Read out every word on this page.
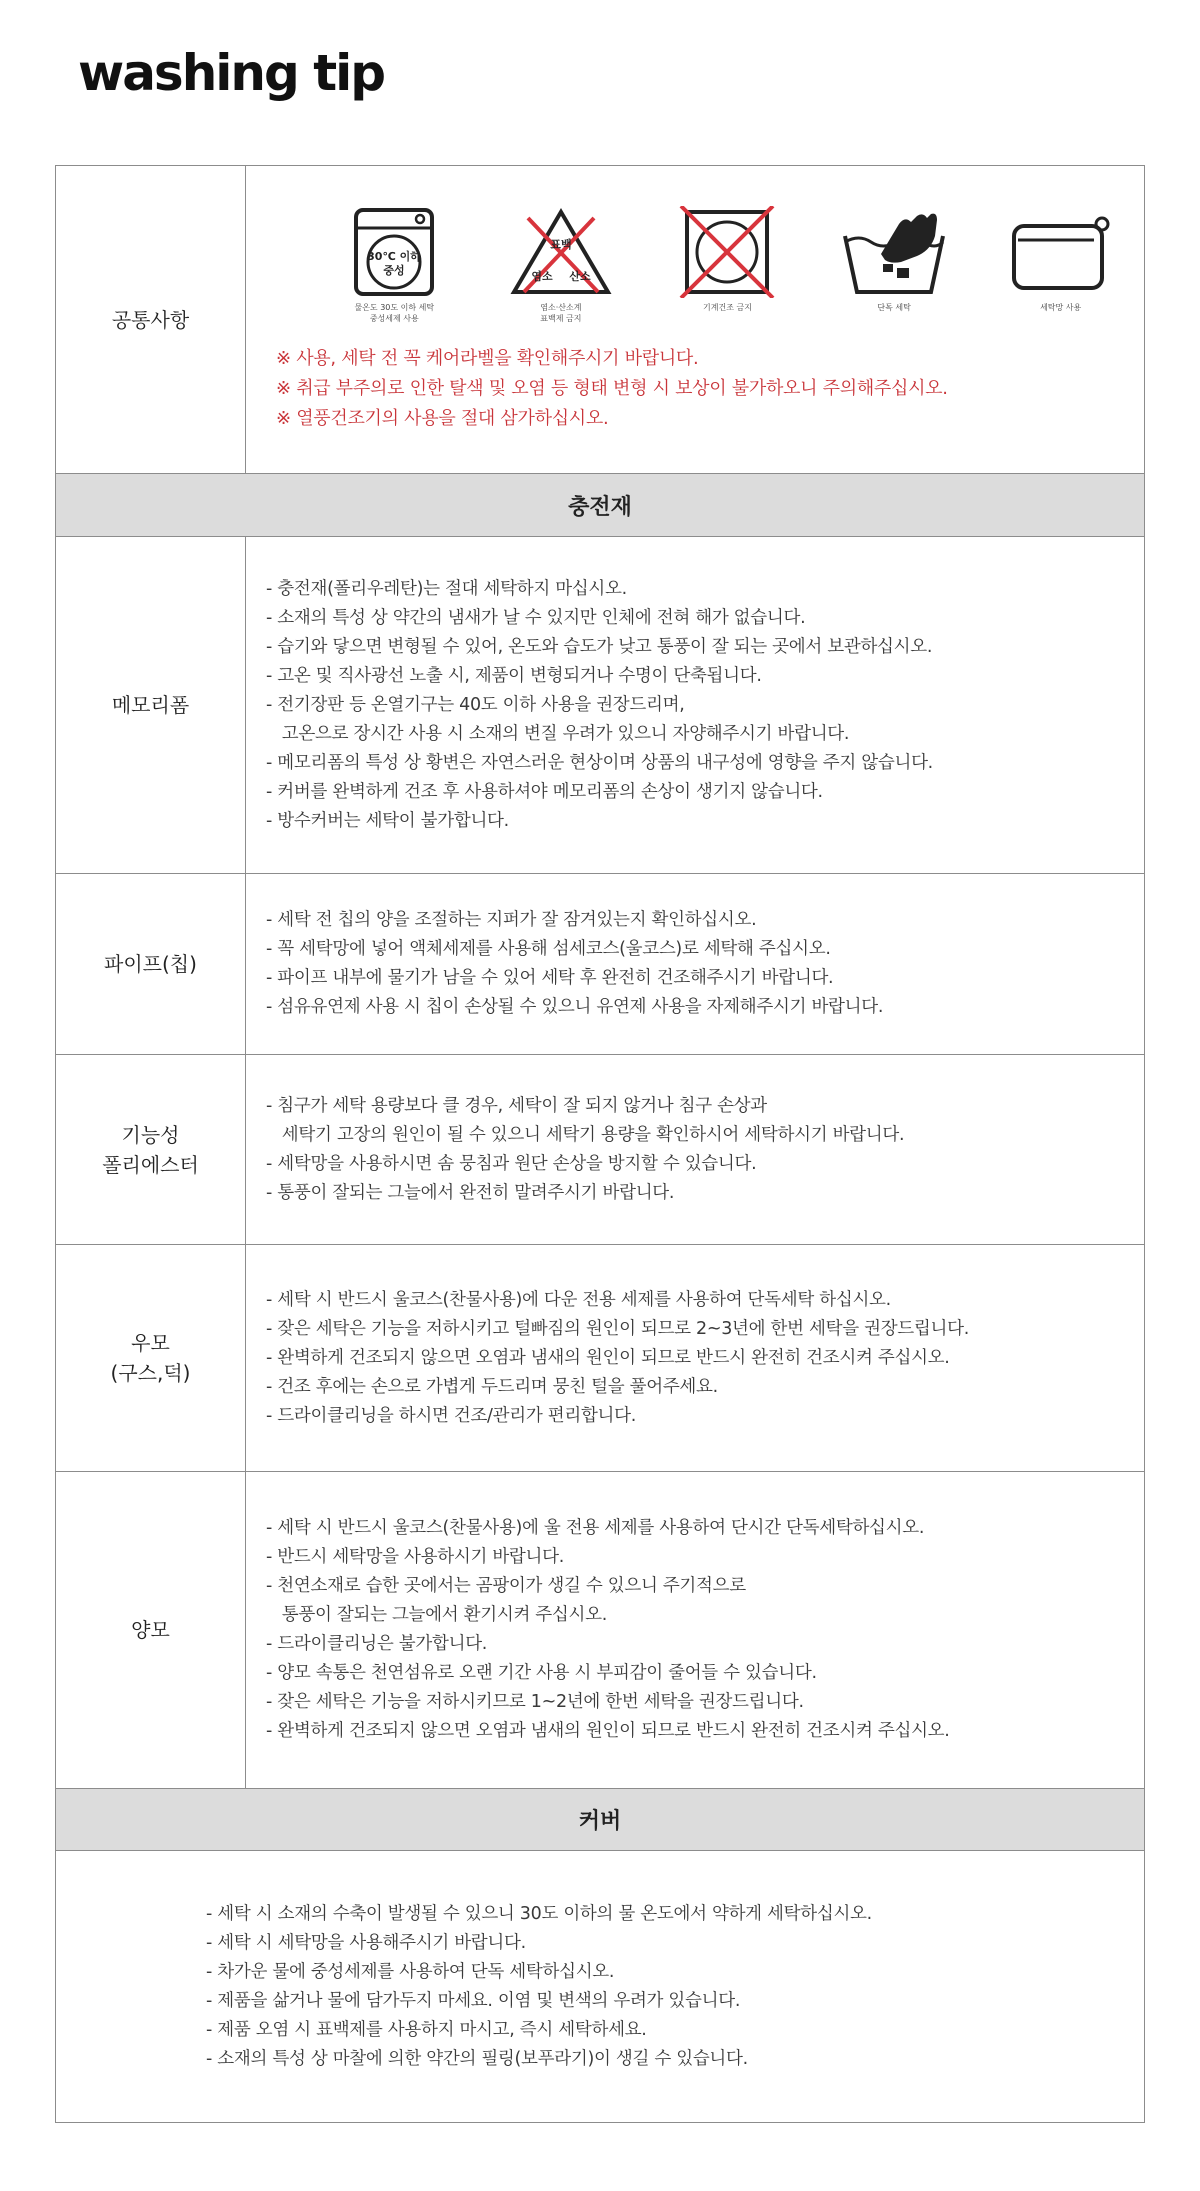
washing tip
공통사항
30℃ 이하
중성
물온도 30도 이하 세탁
중성세제 사용
표백
염소 산소
염소·산소계
표백제 금지
기계건조 금지	단독 세탁	세탁망 사용
※ 사용, 세탁 전 꼭 케어라벨을 확인해주시기 바랍니다.
※ 취급 부주의로 인한 탈색 및 오염 등 형태 변형 시 보상이 불가하오니 주의해주십시오.
※ 열풍건조기의 사용을 절대 삼가하십시오.
충전재
메모리폼
- 충전재(폴리우레탄)는 절대 세탁하지 마십시오.
- 소재의 특성 상 약간의 냄새가 날 수 있지만 인체에 전혀 해가 없습니다.
- 습기와 닿으면 변형될 수 있어, 온도와 습도가 낮고 통풍이 잘 되는 곳에서 보관하십시오.
- 고온 및 직사광선 노출 시, 제품이 변형되거나 수명이 단축됩니다.
- 전기장판 등 온열기구는 40도 이하 사용을 권장드리며,
고온으로 장시간 사용 시 소재의 변질 우려가 있으니 자양해주시기 바랍니다.
- 메모리폼의 특성 상 황변은 자연스러운 현상이며 상품의 내구성에 영향을 주지 않습니다.
- 커버를 완벽하게 건조 후 사용하셔야 메모리폼의 손상이 생기지 않습니다.
- 방수커버는 세탁이 불가합니다.
파이프(칩)
- 세탁 전 칩의 양을 조절하는 지퍼가 잘 잠겨있는지 확인하십시오.
- 꼭 세탁망에 넣어 액체세제를 사용해 섬세코스(울코스)로 세탁해 주십시오.
- 파이프 내부에 물기가 남을 수 있어 세탁 후 완전히 건조해주시기 바랍니다.
- 섬유유연제 사용 시 칩이 손상될 수 있으니 유연제 사용을 자제해주시기 바랍니다.
기능성
폴리에스터
- 침구가 세탁 용량보다 클 경우, 세탁이 잘 되지 않거나 침구 손상과
세탁기 고장의 원인이 될 수 있으니 세탁기 용량을 확인하시어 세탁하시기 바랍니다.
- 세탁망을 사용하시면 솜 뭉침과 원단 손상을 방지할 수 있습니다.
- 통풍이 잘되는 그늘에서 완전히 말려주시기 바랍니다.
우모
(구스,덕)
- 세탁 시 반드시 울코스(찬물사용)에 다운 전용 세제를 사용하여 단독세탁 하십시오.
- 잦은 세탁은 기능을 저하시키고 털빠짐의 원인이 되므로 2~3년에 한번 세탁을 권장드립니다.
- 완벽하게 건조되지 않으면 오염과 냄새의 원인이 되므로 반드시 완전히 건조시켜 주십시오.
- 건조 후에는 손으로 가볍게 두드리며 뭉친 털을 풀어주세요.
- 드라이클리닝을 하시면 건조/관리가 편리합니다.
양모
- 세탁 시 반드시 울코스(찬물사용)에 울 전용 세제를 사용하여 단시간 단독세탁하십시오.
- 반드시 세탁망을 사용하시기 바랍니다.
- 천연소재로 습한 곳에서는 곰팡이가 생길 수 있으니 주기적으로
통풍이 잘되는 그늘에서 환기시켜 주십시오.
- 드라이클리닝은 불가합니다.
- 양모 속통은 천연섬유로 오랜 기간 사용 시 부피감이 줄어들 수 있습니다.
- 잦은 세탁은 기능을 저하시키므로 1~2년에 한번 세탁을 권장드립니다.
- 완벽하게 건조되지 않으면 오염과 냄새의 원인이 되므로 반드시 완전히 건조시켜 주십시오.
커버
- 세탁 시 소재의 수축이 발생될 수 있으니 30도 이하의 물 온도에서 약하게 세탁하십시오.
- 세탁 시 세탁망을 사용해주시기 바랍니다.
- 차가운 물에 중성세제를 사용하여 단독 세탁하십시오.
- 제품을 삶거나 물에 담가두지 마세요. 이염 및 변색의 우려가 있습니다.
- 제품 오염 시 표백제를 사용하지 마시고, 즉시 세탁하세요.
- 소재의 특성 상 마찰에 의한 약간의 필링(보푸라기)이 생길 수 있습니다.
